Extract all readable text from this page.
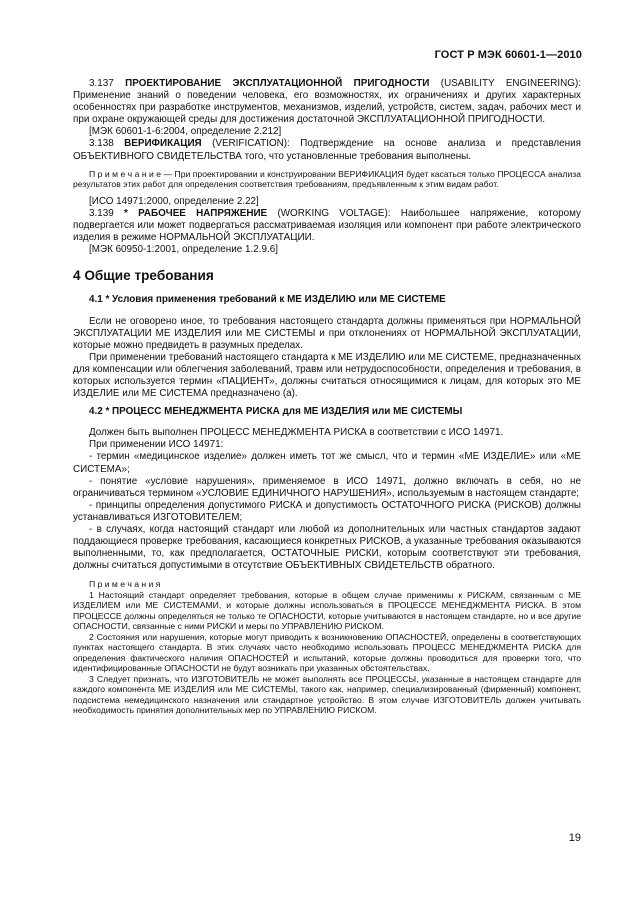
ГОСТ Р МЭК 60601-1—2010

3.137 ПРОЕКТИРОВАНИЕ ЭКСПЛУАТАЦИОННОЙ ПРИГОДНОСТИ (USABILITY ENGINEERING): Применение знаний о поведении человека, его возможностях, их ограничениях и других характерных особенностях при разработке инструментов, механизмов, изделий, устройств, систем, задач, рабочих мест и при охране окружающей среды для достижения достаточной ЭКСПЛУАТАЦИОННОЙ ПРИГОДНОСТИ.

[МЭК 60601-1-6:2004, определение 2.212]

3.138 ВЕРИФИКАЦИЯ (VERIFICATION): Подтверждение на основе анализа и представления ОБЪЕКТИВНОГО СВИДЕТЕЛЬСТВА того, что установленные требования выполнены.

П р и м е ч а н и е — При проектировании и конструировании ВЕРИФИКАЦИЯ будет касаться только ПРОЦЕССА анализа результатов этих работ для определения соответствия требованиям, предъявленным к этим видам работ.

[ИСО 14971:2000, определение 2.22]

3.139 * РАБОЧЕЕ НАПРЯЖЕНИЕ (WORKING VOLTAGE): Наибольшее напряжение, которому подвергается или может подвергаться рассматриваемая изоляция или компонент при работе электрического изделия в режиме НОРМАЛЬНОЙ ЭКСПЛУАТАЦИИ.

[МЭК 60950-1:2001, определение 1.2.9.6]

4 Общие требования

4.1 * Условия применения требований к МЕ ИЗДЕЛИЮ или МЕ СИСТЕМЕ

Если не оговорено иное, то требования настоящего стандарта должны применяться при НОРМАЛЬНОЙ ЭКСПЛУАТАЦИИ МЕ ИЗДЕЛИЯ или МЕ СИСТЕМЫ и при отклонениях от НОРМАЛЬНОЙ ЭКСПЛУАТАЦИИ, которые можно предвидеть в разумных пределах.

При применении требований настоящего стандарта к МЕ ИЗДЕЛИЮ или МЕ СИСТЕМЕ, предназначенных для компенсации или облегчения заболеваний, травм или нетрудоспособности, определения и требования, в которых используется термин «ПАЦИЕНТ», должны считаться относящимися к лицам, для которых это МЕ ИЗДЕЛИЕ или МЕ СИСТЕМА предназначено (а).

4.2 * ПРОЦЕСС МЕНЕДЖМЕНТА РИСКА для МЕ ИЗДЕЛИЯ или МЕ СИСТЕМЫ

Должен быть выполнен ПРОЦЕСС МЕНЕДЖМЕНТА РИСКА в соответствии с ИСО 14971.

При применении ИСО 14971:

- термин «медицинское изделие» должен иметь тот же смысл, что и термин «МЕ ИЗДЕЛИЕ» или «МЕ СИСТЕМА»;

- понятие «условие нарушения», применяемое в ИСО 14971, должно включать в себя, но не ограничиваться термином «УСЛОВИЕ ЕДИНИЧНОГО НАРУШЕНИЯ», используемым в настоящем стандарте;

- принципы определения допустимого РИСКА и допустимость ОСТАТОЧНОГО РИСКА (РИСКОВ) должны устанавливаться ИЗГОТОВИТЕЛЕМ;

- в случаях, когда настоящий стандарт или любой из дополнительных или частных стандартов задают поддающиеся проверке требования, касающиеся конкретных РИСКОВ, а указанные требования оказываются выполненными, то, как предполагается, ОСТАТОЧНЫЕ РИСКИ, которым соответствуют эти требования, должны считаться допустимыми в отсутствие ОБЪЕКТИВНЫХ СВИДЕТЕЛЬСТВ обратного.

П р и м е ч а н и я

1 Настоящий стандарт определяет требования, которые в общем случае применимы к РИСКАМ, связанным с МЕ ИЗДЕЛИЕМ или МЕ СИСТЕМАМИ, и которые должны использоваться в ПРОЦЕССЕ МЕНЕДЖМЕНТА РИСКА. В этом ПРОЦЕССЕ должны определяться не только те ОПАСНОСТИ, которые учитываются в настоящем стандарте, но и все другие ОПАСНОСТИ, связанные с ними РИСКИ и меры по УПРАВЛЕНИЮ РИСКОМ.

2 Состояния или нарушения, которые могут приводить к возникновению ОПАСНОСТЕЙ, определены в соответствующих пунктах настоящего стандарта. В этих случаях часто необходимо использовать ПРОЦЕСС МЕНЕДЖМЕНТА РИСКА для определения фактического наличия ОПАСНОСТЕЙ и испытаний, которые должны проводиться для проверки того, что идентифицированные ОПАСНОСТИ не будут возникать при указанных обстоятельствах.

3 Следует признать, что ИЗГОТОВИТЕЛЬ не может выполнять все ПРОЦЕССЫ, указанные в настоящем стандарте для каждого компонента МЕ ИЗДЕЛИЯ или МЕ СИСТЕМЫ, такого как, например, специализированный (фирменный) компонент, подсистема немедицинского назначения или стандартное устройство. В этом случае ИЗГОТОВИТЕЛЬ должен учитывать необходимость принятия дополнительных мер по УПРАВЛЕНИЮ РИСКОМ.

19
